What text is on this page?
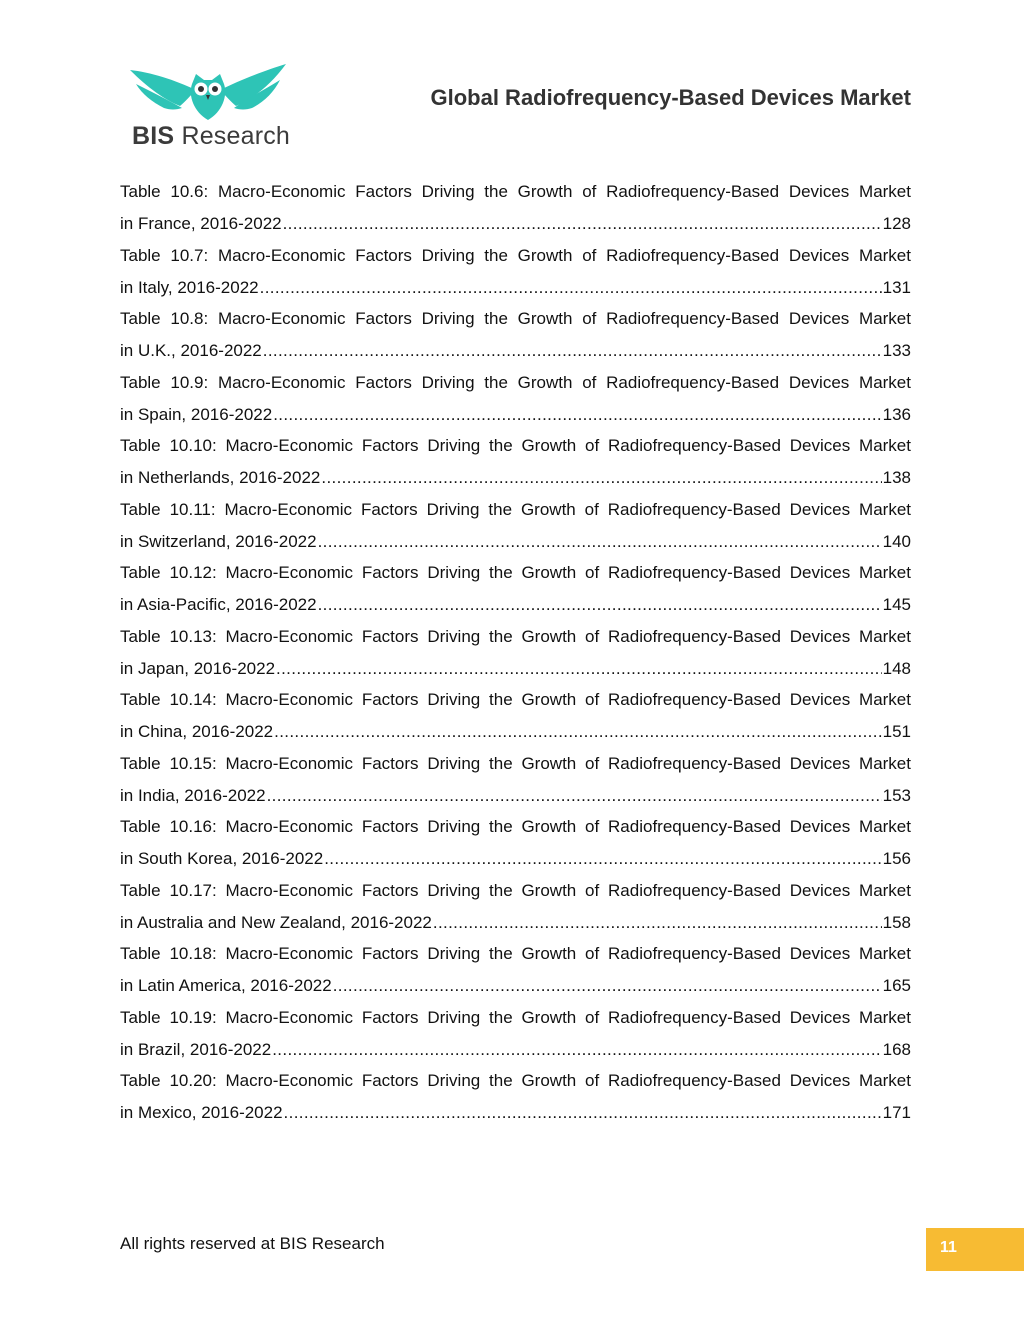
BIS Research
Global Radiofrequency-Based Devices Market
Table 10.6: Macro-Economic Factors Driving the Growth of Radiofrequency-Based Devices Market
in France, 2016-2022 .....	128
Table 10.7: Macro-Economic Factors Driving the Growth of Radiofrequency-Based Devices Market
in Italy, 2016-2022 .....	131
Table 10.8: Macro-Economic Factors Driving the Growth of Radiofrequency-Based Devices Market
in U.K., 2016-2022 .....	133
Table 10.9: Macro-Economic Factors Driving the Growth of Radiofrequency-Based Devices Market
in Spain, 2016-2022 .....	136
Table 10.10: Macro-Economic Factors Driving the Growth of Radiofrequency-Based Devices Market
in Netherlands, 2016-2022 .....	138
Table 10.11: Macro-Economic Factors Driving the Growth of Radiofrequency-Based Devices Market
in Switzerland, 2016-2022 .....	140
Table 10.12: Macro-Economic Factors Driving the Growth of Radiofrequency-Based Devices Market
in Asia-Pacific, 2016-2022 .....	145
Table 10.13: Macro-Economic Factors Driving the Growth of Radiofrequency-Based Devices Market
in Japan, 2016-2022 .....	148
Table 10.14: Macro-Economic Factors Driving the Growth of Radiofrequency-Based Devices Market
in China, 2016-2022 .....	151
Table 10.15: Macro-Economic Factors Driving the Growth of Radiofrequency-Based Devices Market
in India, 2016-2022 .....	153
Table 10.16: Macro-Economic Factors Driving the Growth of Radiofrequency-Based Devices Market
in South Korea, 2016-2022 .....	156
Table 10.17: Macro-Economic Factors Driving the Growth of Radiofrequency-Based Devices Market
in Australia and New Zealand, 2016-2022 .....	158
Table 10.18: Macro-Economic Factors Driving the Growth of Radiofrequency-Based Devices Market
in Latin America, 2016-2022 .....	165
Table 10.19: Macro-Economic Factors Driving the Growth of Radiofrequency-Based Devices Market
in Brazil, 2016-2022 .....	168
Table 10.20: Macro-Economic Factors Driving the Growth of Radiofrequency-Based Devices Market
in Mexico, 2016-2022 .....	171
All rights reserved at BIS Research	11
